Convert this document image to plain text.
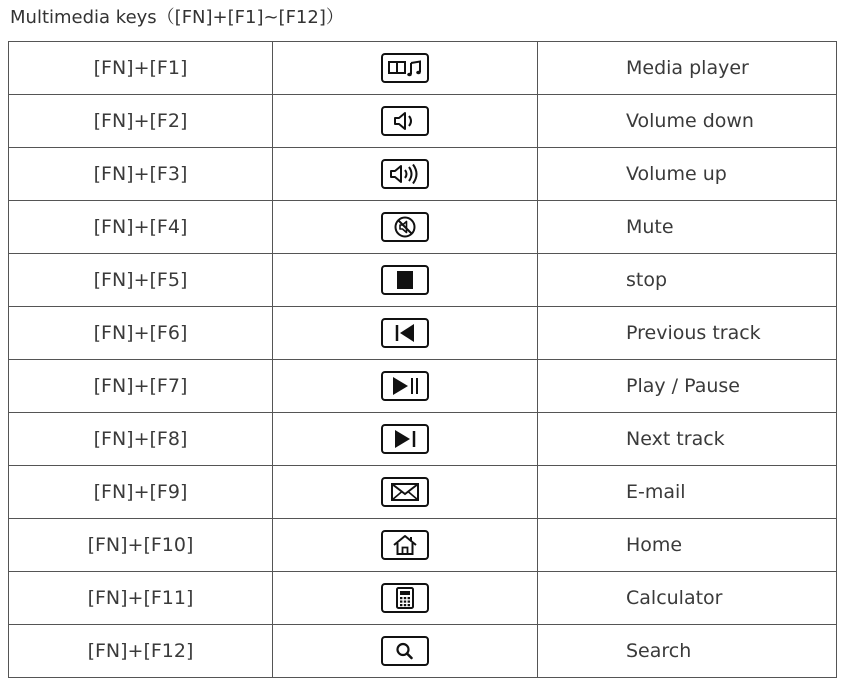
Multimedia keys（[FN]+[F1]~[F12]）
[FN]+[F1]		Media player
[FN]+[F2]		Volume down
[FN]+[F3]		Volume up
[FN]+[F4]		Mute
[FN]+[F5]		stop
[FN]+[F6]		Previous track
[FN]+[F7]		Play / Pause
[FN]+[F8]		Next track
[FN]+[F9]		E-mail
[FN]+[F10]		Home
[FN]+[F11]		Calculator
[FN]+[F12]		Search
